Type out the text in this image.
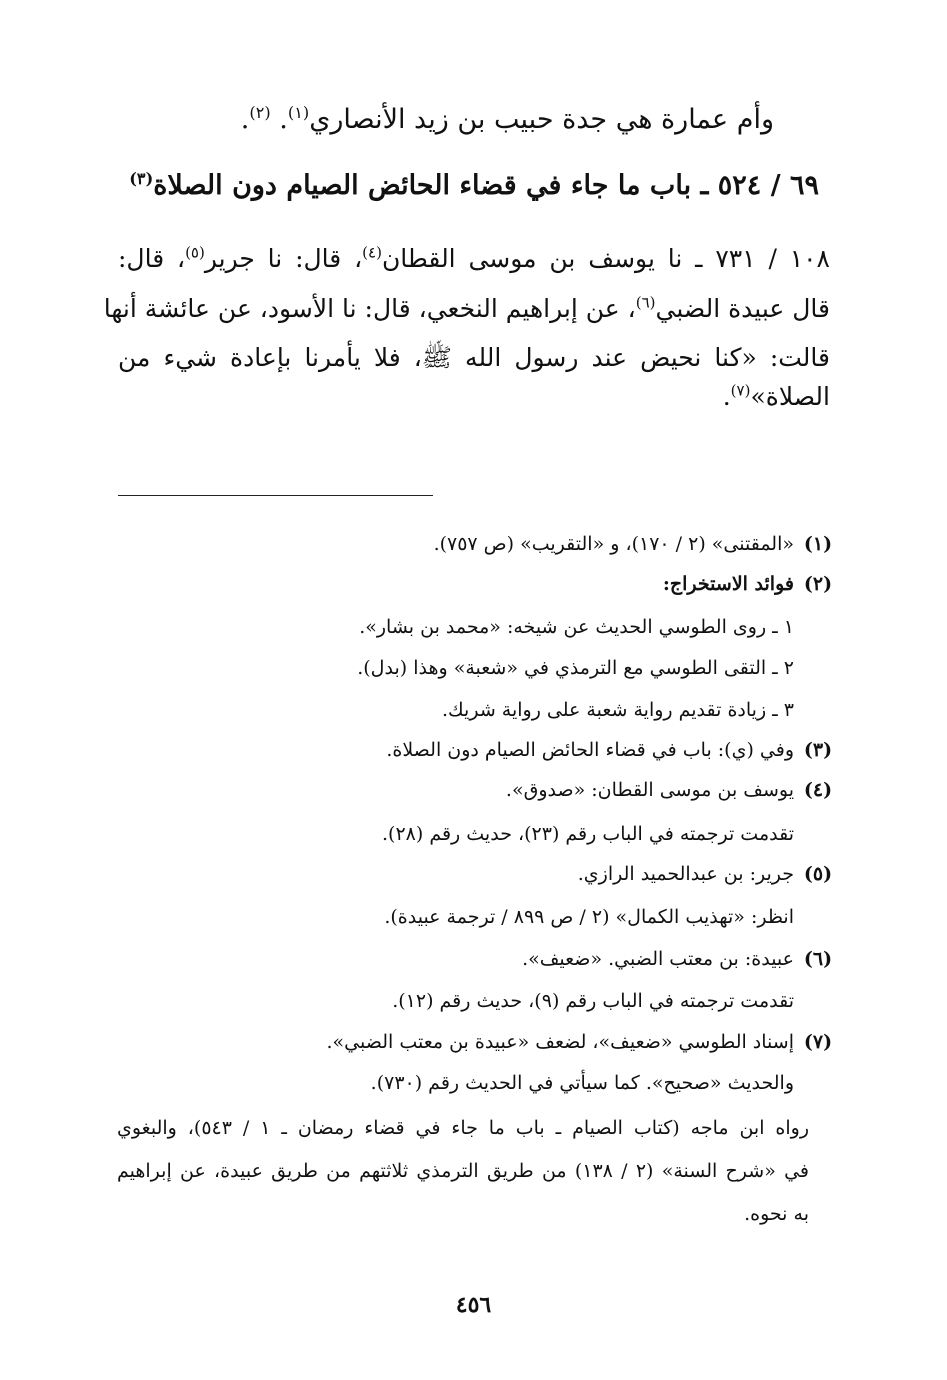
وأم عمارة هي جدة حبيب بن زيد الأنصاري$^{(١)}$. $^{(٢)}$.
٦٩ / ٥٢٤ ـ باب ما جاء في قضاء الحائض الصيام دون الصلاة$^{(٣)}$
١٠٨ / ٧٣١ ـ نا يوسف بن موسى القطان$^{(٤)}$، قال: نا جرير$^{(٥)}$، قال:
قال عبيدة الضبي$^{(٦)}$، عن إبراهيم النخعي، قال: نا الأسود، عن عائشة أنها
قالت: «كنا نحيض عند رسول الله ﷺ، فلا يأمرنا بإعادة شيء من
الصلاة»$^{(٧)}$.
(١)«المقتنى» (٢ / ١٧٠)، و «التقريب» (ص ٧٥٧).
(٢)فوائد الاستخراج:
١ ـ روى الطوسي الحديث عن شيخه: «محمد بن بشار».
٢ ـ التقى الطوسي مع الترمذي في «شعبة» وهذا (بدل).
٣ ـ زيادة تقديم رواية شعبة على رواية شريك.
(٣)وفي (ي): باب في قضاء الحائض الصيام دون الصلاة.
(٤)يوسف بن موسى القطان: «صدوق».
تقدمت ترجمته في الباب رقم (٢٣)، حديث رقم (٢٨).
(٥)جرير: بن عبدالحميد الرازي.
انظر: «تهذيب الكمال» (٢ / ص ٨٩٩ / ترجمة عبيدة).
(٦)عبيدة: بن معتب الضبي. «ضعيف».
تقدمت ترجمته في الباب رقم (٩)، حديث رقم (١٢).
(٧)إسناد الطوسي «ضعيف»، لضعف «عبيدة بن معتب الضبي».
والحديث «صحيح». كما سيأتي في الحديث رقم (٧٣٠).
رواه ابن ماجه (كتاب الصيام ـ باب ما جاء في قضاء رمضان ـ ١ / ٥٤٣)، والبغوي
في «شرح السنة» (٢ / ١٣٨) من طريق الترمذي ثلاثتهم من طريق عبيدة، عن إبراهيم
به نحوه.
٤٥٦
